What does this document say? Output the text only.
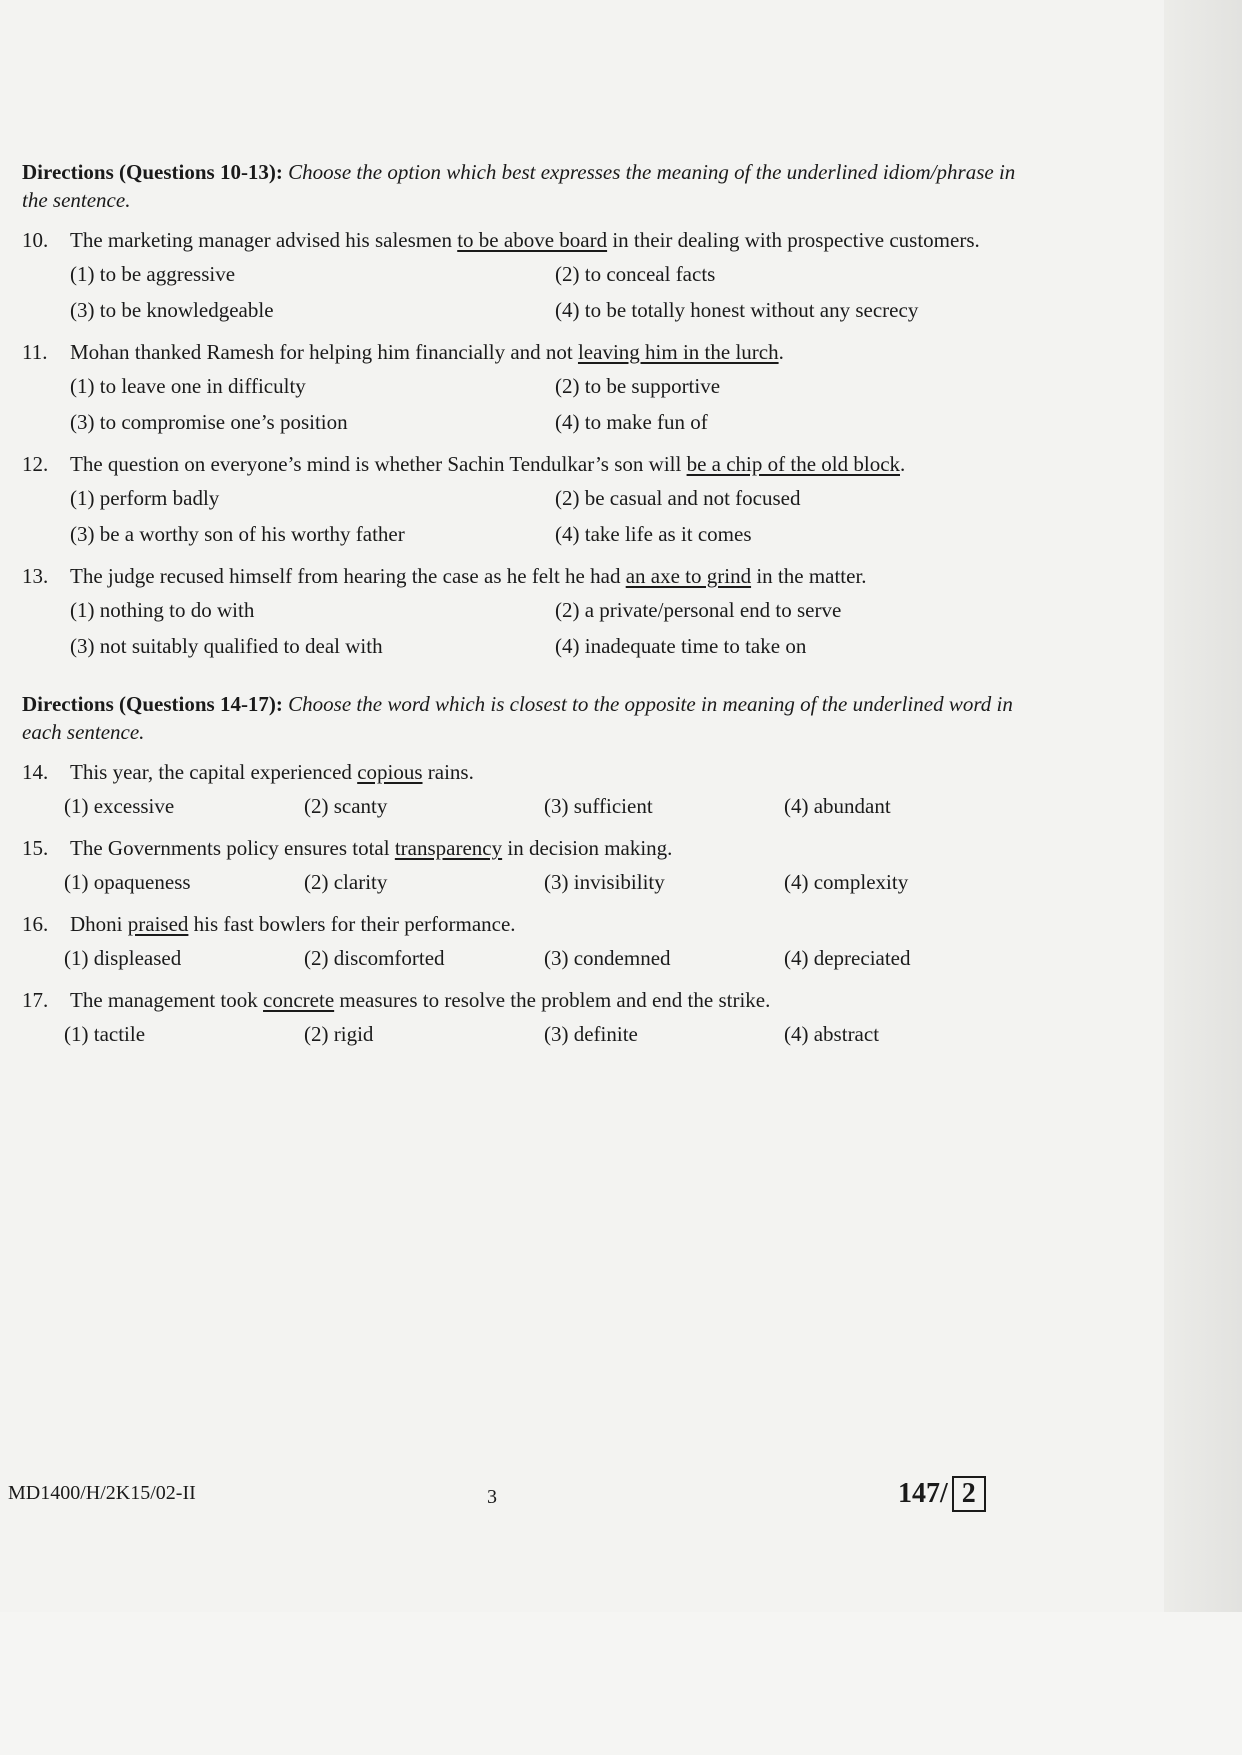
Directions (Questions 10-13): Choose the option which best expresses the meaning of the underlined idiom/phrase in the sentence.

10. The marketing manager advised his salesmen to be above board in their dealing with prospective customers.
(1) to be aggressive	(2) to conceal facts
(3) to be knowledgeable	(4) to be totally honest without any secrecy
11. Mohan thanked Ramesh for helping him financially and not leaving him in the lurch.
(1) to leave one in difficulty	(2) to be supportive
(3) to compromise one’s position	(4) to make fun of
12. The question on everyone’s mind is whether Sachin Tendulkar’s son will be a chip of the old block.
(1) perform badly	(2) be casual and not focused
(3) be a worthy son of his worthy father	(4) take life as it comes
13. The judge recused himself from hearing the case as he felt he had an axe to grind in the matter.
(1) nothing to do with	(2) a private/personal end to serve
(3) not suitably qualified to deal with	(4) inadequate time to take on

Directions (Questions 14-17): Choose the word which is closest to the opposite in meaning of the underlined word in each sentence.

14. This year, the capital experienced copious rains.
(1) excessive	(2) scanty	(3) sufficient	(4) abundant
15. The Governments policy ensures total transparency in decision making.
(1) opaqueness	(2) clarity	(3) invisibility	(4) complexity
16. Dhoni praised his fast bowlers for their performance.
(1) displeased	(2) discomforted	(3) condemned	(4) depreciated
17. The management took concrete measures to resolve the problem and end the strike.
(1) tactile	(2) rigid	(3) definite	(4) abstract
MD1400/H/2K15/02-II	3	147/ 2
